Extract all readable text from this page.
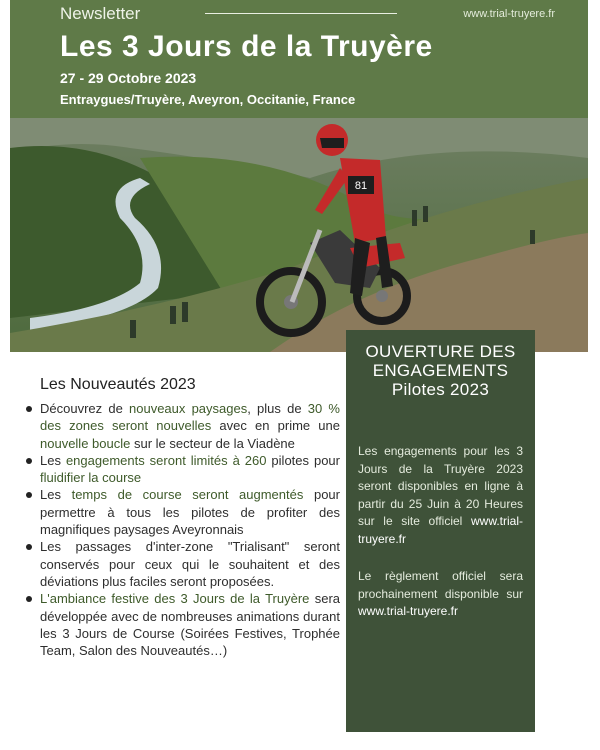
Newsletter	www.trial-truyere.fr
Les 3 Jours de la Truyère
27 - 29 Octobre 2023
Entraygues/Truyère, Aveyron, Occitanie, France
81
Les Nouveautés 2023
Découvrez de nouveaux paysages, plus de 30 % des zones seront nouvelles avec en prime une nouvelle boucle sur le secteur de la Viadène
Les engagements seront limités à 260 pilotes pour fluidifier la course
Les temps de course seront augmentés pour permettre à tous les pilotes de profiter des magnifiques paysages Aveyronnais
Les passages d'inter-zone "Trialisant" seront conservés pour ceux qui le souhaitent et des déviations plus faciles seront proposées.
L'ambiance festive des 3 Jours de la Truyère sera développée avec de nombreuses animations durant les 3 Jours de Course (Soirées Festives, Trophée Team, Salon des Nouveautés…)
OUVERTURE DES
ENGAGEMENTS
Pilotes 2023

Les engagements pour les 3 Jours de la Truyère 2023 seront disponibles en ligne à partir du 25 Juin à 20 Heures sur le site officiel www.trial-truyere.fr

Le règlement officiel sera prochainement disponible sur www.trial-truyere.fr
